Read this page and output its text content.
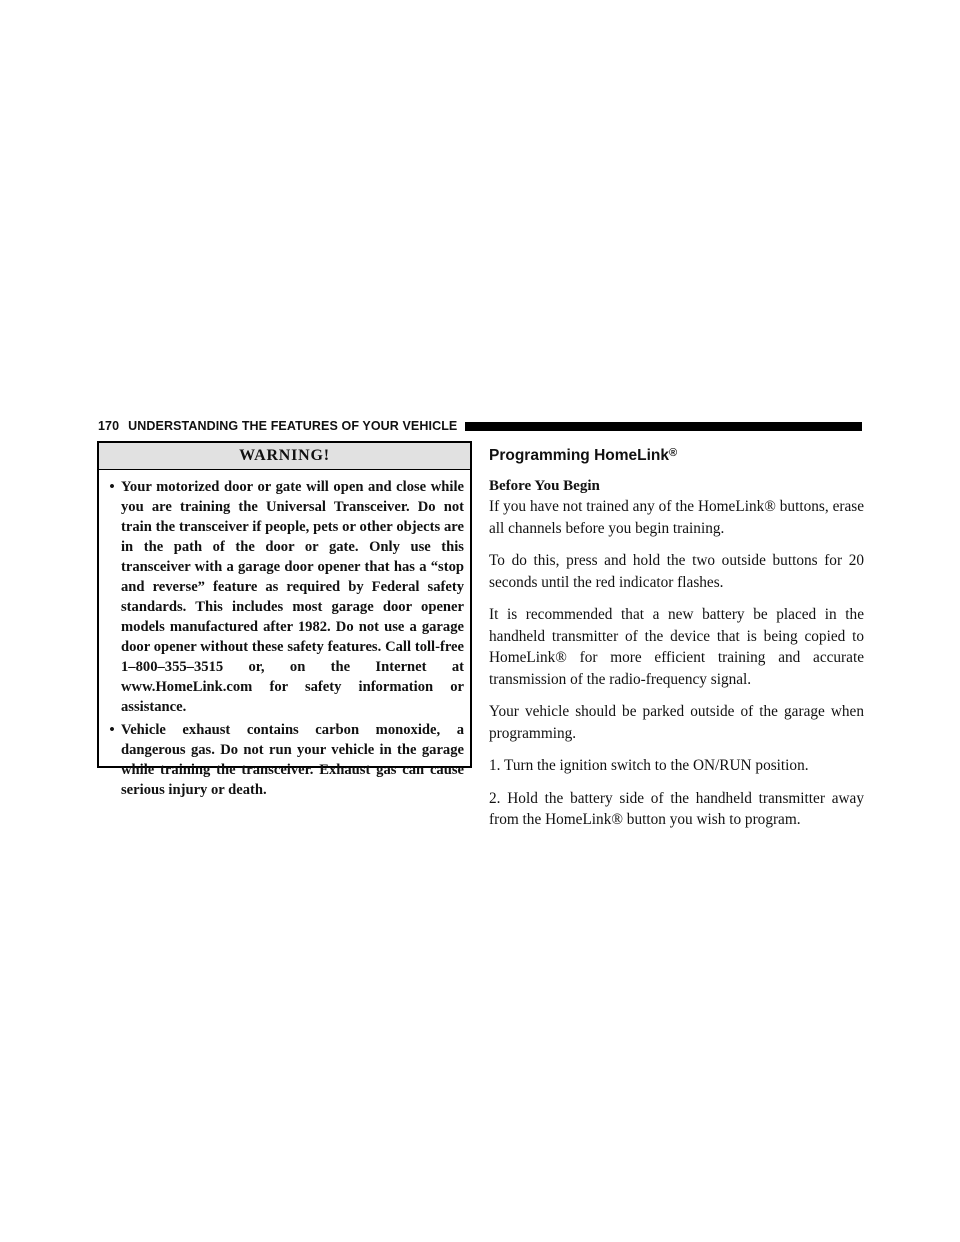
170 UNDERSTANDING THE FEATURES OF YOUR VEHICLE
WARNING!
• Your motorized door or gate will open and close while you are training the Universal Transceiver. Do not train the transceiver if people, pets or other objects are in the path of the door or gate. Only use this transceiver with a garage door opener that has a “stop and reverse” feature as required by Federal safety standards. This includes most garage door opener models manufactured after 1982. Do not use a garage door opener without these safety features. Call toll-free 1–800–355–3515 or, on the Internet at www.HomeLink.com for safety information or assistance.
• Vehicle exhaust contains carbon monoxide, a dangerous gas. Do not run your vehicle in the garage while training the transceiver. Exhaust gas can cause serious injury or death.
Programming HomeLink®

Before You Begin

If you have not trained any of the HomeLink® buttons, erase all channels before you begin training.

To do this, press and hold the two outside buttons for 20 seconds until the red indicator flashes.

It is recommended that a new battery be placed in the handheld transmitter of the device that is being copied to HomeLink® for more efficient training and accurate transmission of the radio-frequency signal.

Your vehicle should be parked outside of the garage when programming.

1. Turn the ignition switch to the ON/RUN position.

2. Hold the battery side of the handheld transmitter away from the HomeLink® button you wish to program.
